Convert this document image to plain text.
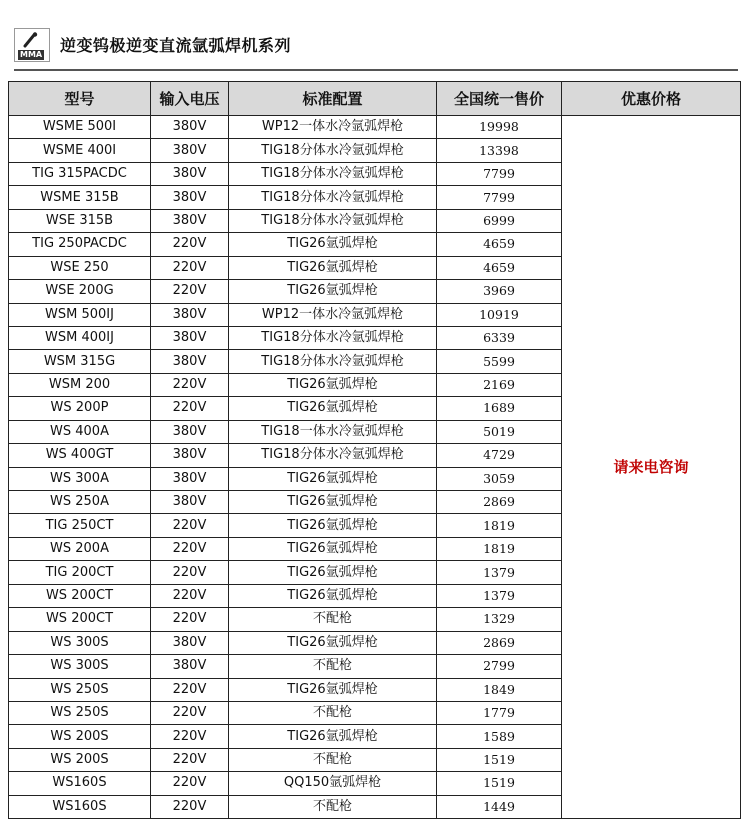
MMA 逆变钨极逆变直流氩弧焊机系列
型号	输入电压	标准配置	全国统一售价	优惠价格
WSME 500I	380V	WP12一体水冷氩弧焊枪	19998	请来电咨询
WSME 400I	380V	TIG18分体水冷氩弧焊枪	13398	
TIG 315PACDC	380V	TIG18分体水冷氩弧焊枪	7799	
WSME 315B	380V	TIG18分体水冷氩弧焊枪	7799	
WSE 315B	380V	TIG18分体水冷氩弧焊枪	6999	
TIG 250PACDC	220V	TIG26氩弧焊枪	4659	
WSE 250	220V	TIG26氩弧焊枪	4659	
WSE 200G	220V	TIG26氩弧焊枪	3969	
WSM 500IJ	380V	WP12一体水冷氩弧焊枪	10919	
WSM 400IJ	380V	TIG18分体水冷氩弧焊枪	6339	
WSM 315G	380V	TIG18分体水冷氩弧焊枪	5599	
WSM 200	220V	TIG26氩弧焊枪	2169	
WS 200P	220V	TIG26氩弧焊枪	1689	
WS 400A	380V	TIG18一体水冷氩弧焊枪	5019	
WS 400GT	380V	TIG18分体水冷氩弧焊枪	4729	
WS 300A	380V	TIG26氩弧焊枪	3059	
WS 250A	380V	TIG26氩弧焊枪	2869	
TIG 250CT	220V	TIG26氩弧焊枪	1819	
WS 200A	220V	TIG26氩弧焊枪	1819	
TIG 200CT	220V	TIG26氩弧焊枪	1379	
WS 200CT	220V	TIG26氩弧焊枪	1379	
WS 200CT	220V	不配枪	1329	
WS 300S	380V	TIG26氩弧焊枪	2869	
WS 300S	380V	不配枪	2799	
WS 250S	220V	TIG26氩弧焊枪	1849	
WS 250S	220V	不配枪	1779	
WS 200S	220V	TIG26氩弧焊枪	1589	
WS 200S	220V	不配枪	1519	
WS160S	220V	QQ150氩弧焊枪	1519	
WS160S	220V	不配枪	1449	
